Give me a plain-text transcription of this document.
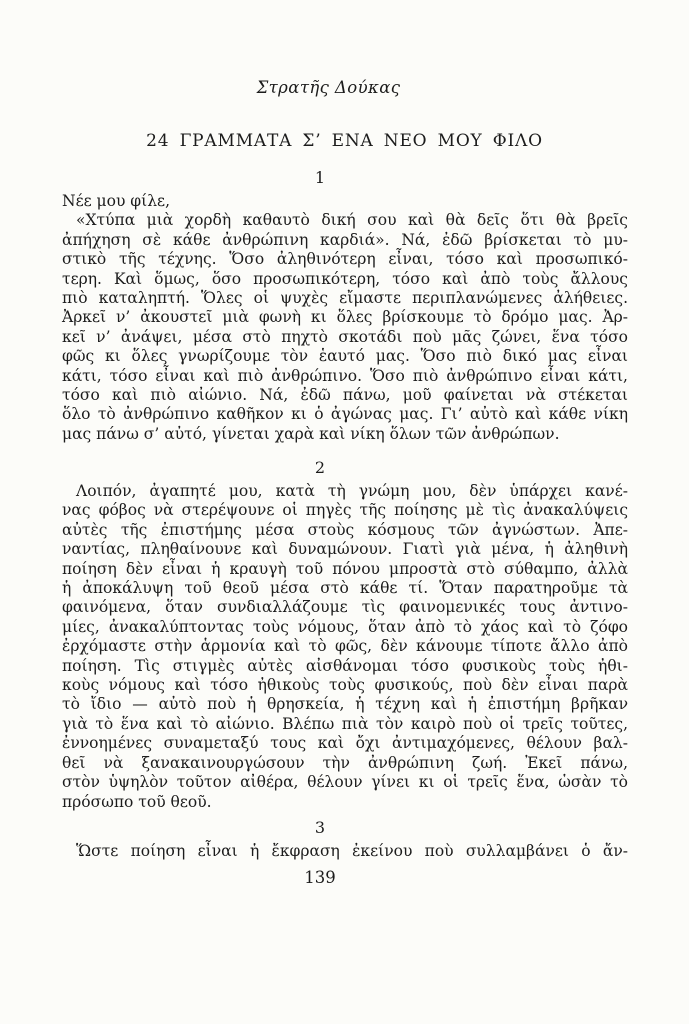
Στρατῆς Δούκας
24 ΓΡΑΜΜΑΤΑ Σ’ ΕΝΑ ΝΕΟ ΜΟΥ ΦΙΛΟ
1
Νέε μου φίλε,
«Χτύπα μιὰ χορδὴ καθαυτὸ δική σου καὶ θὰ δεῖς ὅτι θὰ βρεῖς
ἀπήχηση σὲ κάθε ἀνθρώπινη καρδιά». Νά, ἐδῶ βρίσκεται τὸ μυ-
στικὸ τῆς τέχνης. Ὅσο ἀληθινότερη εἶναι, τόσο καὶ προσωπικό-
τερη. Καὶ ὅμως, ὅσο προσωπικότερη, τόσο καὶ ἀπὸ τοὺς ἄλλους
πιὸ καταληπτή. Ὅλες οἱ ψυχὲς εἴμαστε περιπλανώμενες ἀλήθειες.
Ἀρκεῖ ν’ ἀκουστεῖ μιὰ φωνὴ κι ὅλες βρίσκουμε τὸ δρόμο μας. Ἀρ-
κεῖ ν’ ἀνάψει, μέσα στὸ πηχτὸ σκοτάδι ποὺ μᾶς ζώνει, ἕνα τόσο
φῶς κι ὅλες γνωρίζουμε τὸν ἑαυτό μας. Ὅσο πιὸ δικό μας εἶναι
κάτι, τόσο εἶναι καὶ πιὸ ἀνθρώπινο. Ὅσο πιὸ ἀνθρώπινο εἶναι κάτι,
τόσο καὶ πιὸ αἰώνιο. Νά, ἐδῶ πάνω, μοῦ φαίνεται νὰ στέκεται
ὅλο τὸ ἀνθρώπινο καθῆκον κι ὁ ἀγώνας μας. Γι’ αὐτὸ καὶ κάθε νίκη
μας πάνω σ’ αὐτό, γίνεται χαρὰ καὶ νίκη ὅλων τῶν ἀνθρώπων.
2
Λοιπόν, ἀγαπητέ μου, κατὰ τὴ γνώμη μου, δὲν ὑπάρχει κανέ-
νας φόβος νὰ στερέψουνε οἱ πηγὲς τῆς ποίησης μὲ τὶς ἀνακαλύψεις
αὐτὲς τῆς ἐπιστήμης μέσα στοὺς κόσμους τῶν ἀγνώστων. Ἀπε-
ναντίας, πληθαίνουνε καὶ δυναμώνουν. Γιατὶ γιὰ μένα, ἡ ἀληθινὴ
ποίηση δὲν εἶναι ἡ κραυγὴ τοῦ πόνου μπροστὰ στὸ σύθαμπο, ἀλλὰ
ἡ ἀποκάλυψη τοῦ θεοῦ μέσα στὸ κάθε τί. Ὅταν παρατηροῦμε τὰ
φαινόμενα, ὅταν συνδιαλλάζουμε τὶς φαινομενικές τους ἀντινο-
μίες, ἀνακαλύπτοντας τοὺς νόμους, ὅταν ἀπὸ τὸ χάος καὶ τὸ ζόφο
ἐρχόμαστε στὴν ἁρμονία καὶ τὸ φῶς, δὲν κάνουμε τίποτε ἄλλο ἀπὸ
ποίηση. Τὶς στιγμὲς αὐτὲς αἰσθάνομαι τόσο φυσικοὺς τοὺς ἠθι-
κοὺς νόμους καὶ τόσο ἠθικοὺς τοὺς φυσικούς, ποὺ δὲν εἶναι παρὰ
τὸ ἴδιο — αὐτὸ ποὺ ἡ θρησκεία, ἡ τέχνη καὶ ἡ ἐπιστήμη βρῆκαν
γιὰ τὸ ἕνα καὶ τὸ αἰώνιο. Βλέπω πιὰ τὸν καιρὸ ποὺ οἱ τρεῖς τοῦτες,
ἐννοημένες συναμεταξύ τους καὶ ὄχι ἀντιμαχόμενες, θέλουν βαλ-
θεῖ νὰ ξανακαινουργώσουν τὴν ἀνθρώπινη ζωή. Ἐκεῖ πάνω,
στὸν ὑψηλὸν τοῦτον αἰθέρα, θέλουν γίνει κι οἱ τρεῖς ἕνα, ὡσὰν τὸ
πρόσωπο τοῦ θεοῦ.
3
Ὥστε ποίηση εἶναι ἡ ἔκφραση ἐκείνου ποὺ συλλαμβάνει ὁ ἄν-
139
